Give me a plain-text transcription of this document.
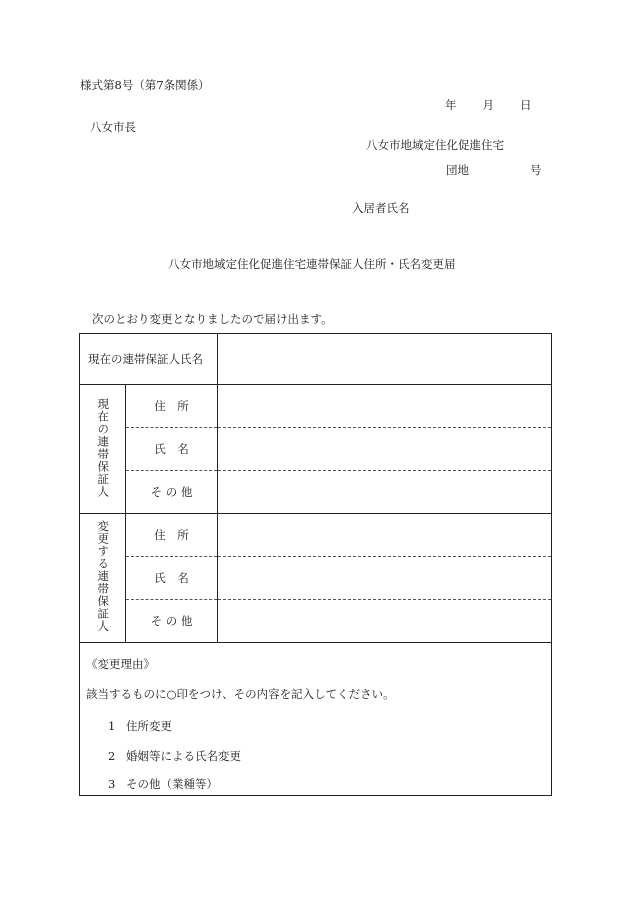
様式第8号（第7条関係）
年 月 日
八女市長
八女市地域定住化促進住宅
団地	号
入居者氏名
八女市地域定住化促進住宅連帯保証人住所・氏名変更届
次のとおり変更となりましたので届け出ます。
現在の連帯保証人氏名		
現在の連帯保証人	住　所	
	氏　名	
	そ の 他	
変更する連帯保証人	住　所	
	氏　名	
	そ の 他	

《変更理由》
該当するものに○印をつけ、その内容を記入してください。
1 住所変更
2 婚姻等による氏名変更
3 その他（業種等）		
